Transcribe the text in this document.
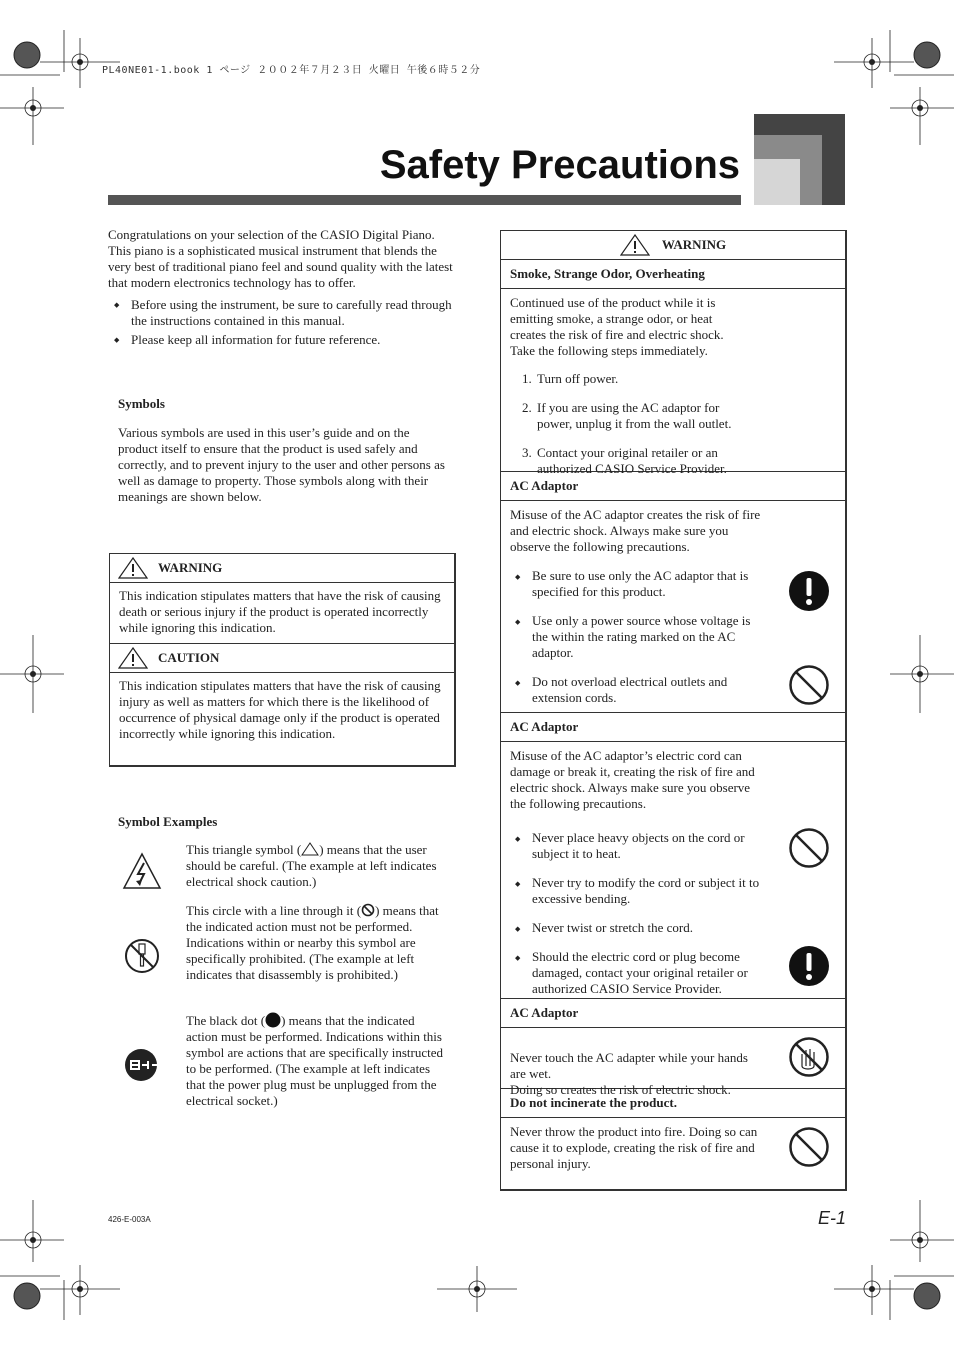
PL40NE01-1.book 1 ページ ２００２年７月２３日 火曜日 午後６時５２分
Safety Precautions
Congratulations on your selection of the CASIO Digital Piano. This piano is a sophisticated musical instrument that blends the very best of traditional piano feel and sound quality with the latest that modern electronics technology has to offer.
◆ Before using the instrument, be sure to carefully read through the instructions contained in this manual.
◆ Please keep all information for future reference.
Symbols
Various symbols are used in this user’s guide and on the product itself to ensure that the product is used safely and correctly, and to prevent injury to the user and other persons as well as damage to property. Those symbols along with their meanings are shown below.
WARNING
This indication stipulates matters that have the risk of causing death or serious injury if the product is operated incorrectly while ignoring this indication.
CAUTION
This indication stipulates matters that have the risk of causing injury as well as matters for which there is the likelihood of occurrence of physical damage only if the product is operated incorrectly while ignoring this indication.
Symbol Examples
This triangle symbol ( ) means that the user should be careful. (The example at left indicates electrical shock caution.)
This circle with a line through it ( ) means that the indicated action must not be performed. Indications within or nearby this symbol are specifically prohibited. (The example at left indicates that disassembly is prohibited.)
The black dot ( ) means that the indicated action must be performed. Indications within this symbol are actions that are specifically instructed to be performed. (The example at left indicates that the power plug must be unplugged from the electrical socket.)
WARNING
Smoke, Strange Odor, Overheating

Continued use of the product while it is emitting smoke, a strange odor, or heat creates the risk of fire and electric shock. Take the following steps immediately.

1. Turn off power.
2. If you are using the AC adaptor for power, unplug it from the wall outlet.
3. Contact your original retailer or an authorized CASIO Service Provider.
AC Adaptor

Misuse of the AC adaptor creates the risk of fire and electric shock. Always make sure you observe the following precautions.

◆ Be sure to use only the AC adaptor that is specified for this product.
◆ Use only a power source whose voltage is the within the rating marked on the AC adaptor.
◆ Do not overload electrical outlets and extension cords.
AC Adaptor

Misuse of the AC adaptor’s electric cord can damage or break it, creating the risk of fire and electric shock. Always make sure you observe the following precautions.

◆ Never place heavy objects on the cord or subject it to heat.
◆ Never try to modify the cord or subject it to excessive bending.
◆ Never twist or stretch the cord.
◆ Should the electric cord or plug become damaged, contact your original retailer or authorized CASIO Service Provider.
AC Adaptor

Never touch the AC adapter while your hands are wet.
Doing so creates the risk of electric shock.

Do not incinerate the product.

Never throw the product into fire. Doing so can cause it to explode, creating the risk of fire and personal injury.

426-E-003A	E-1
